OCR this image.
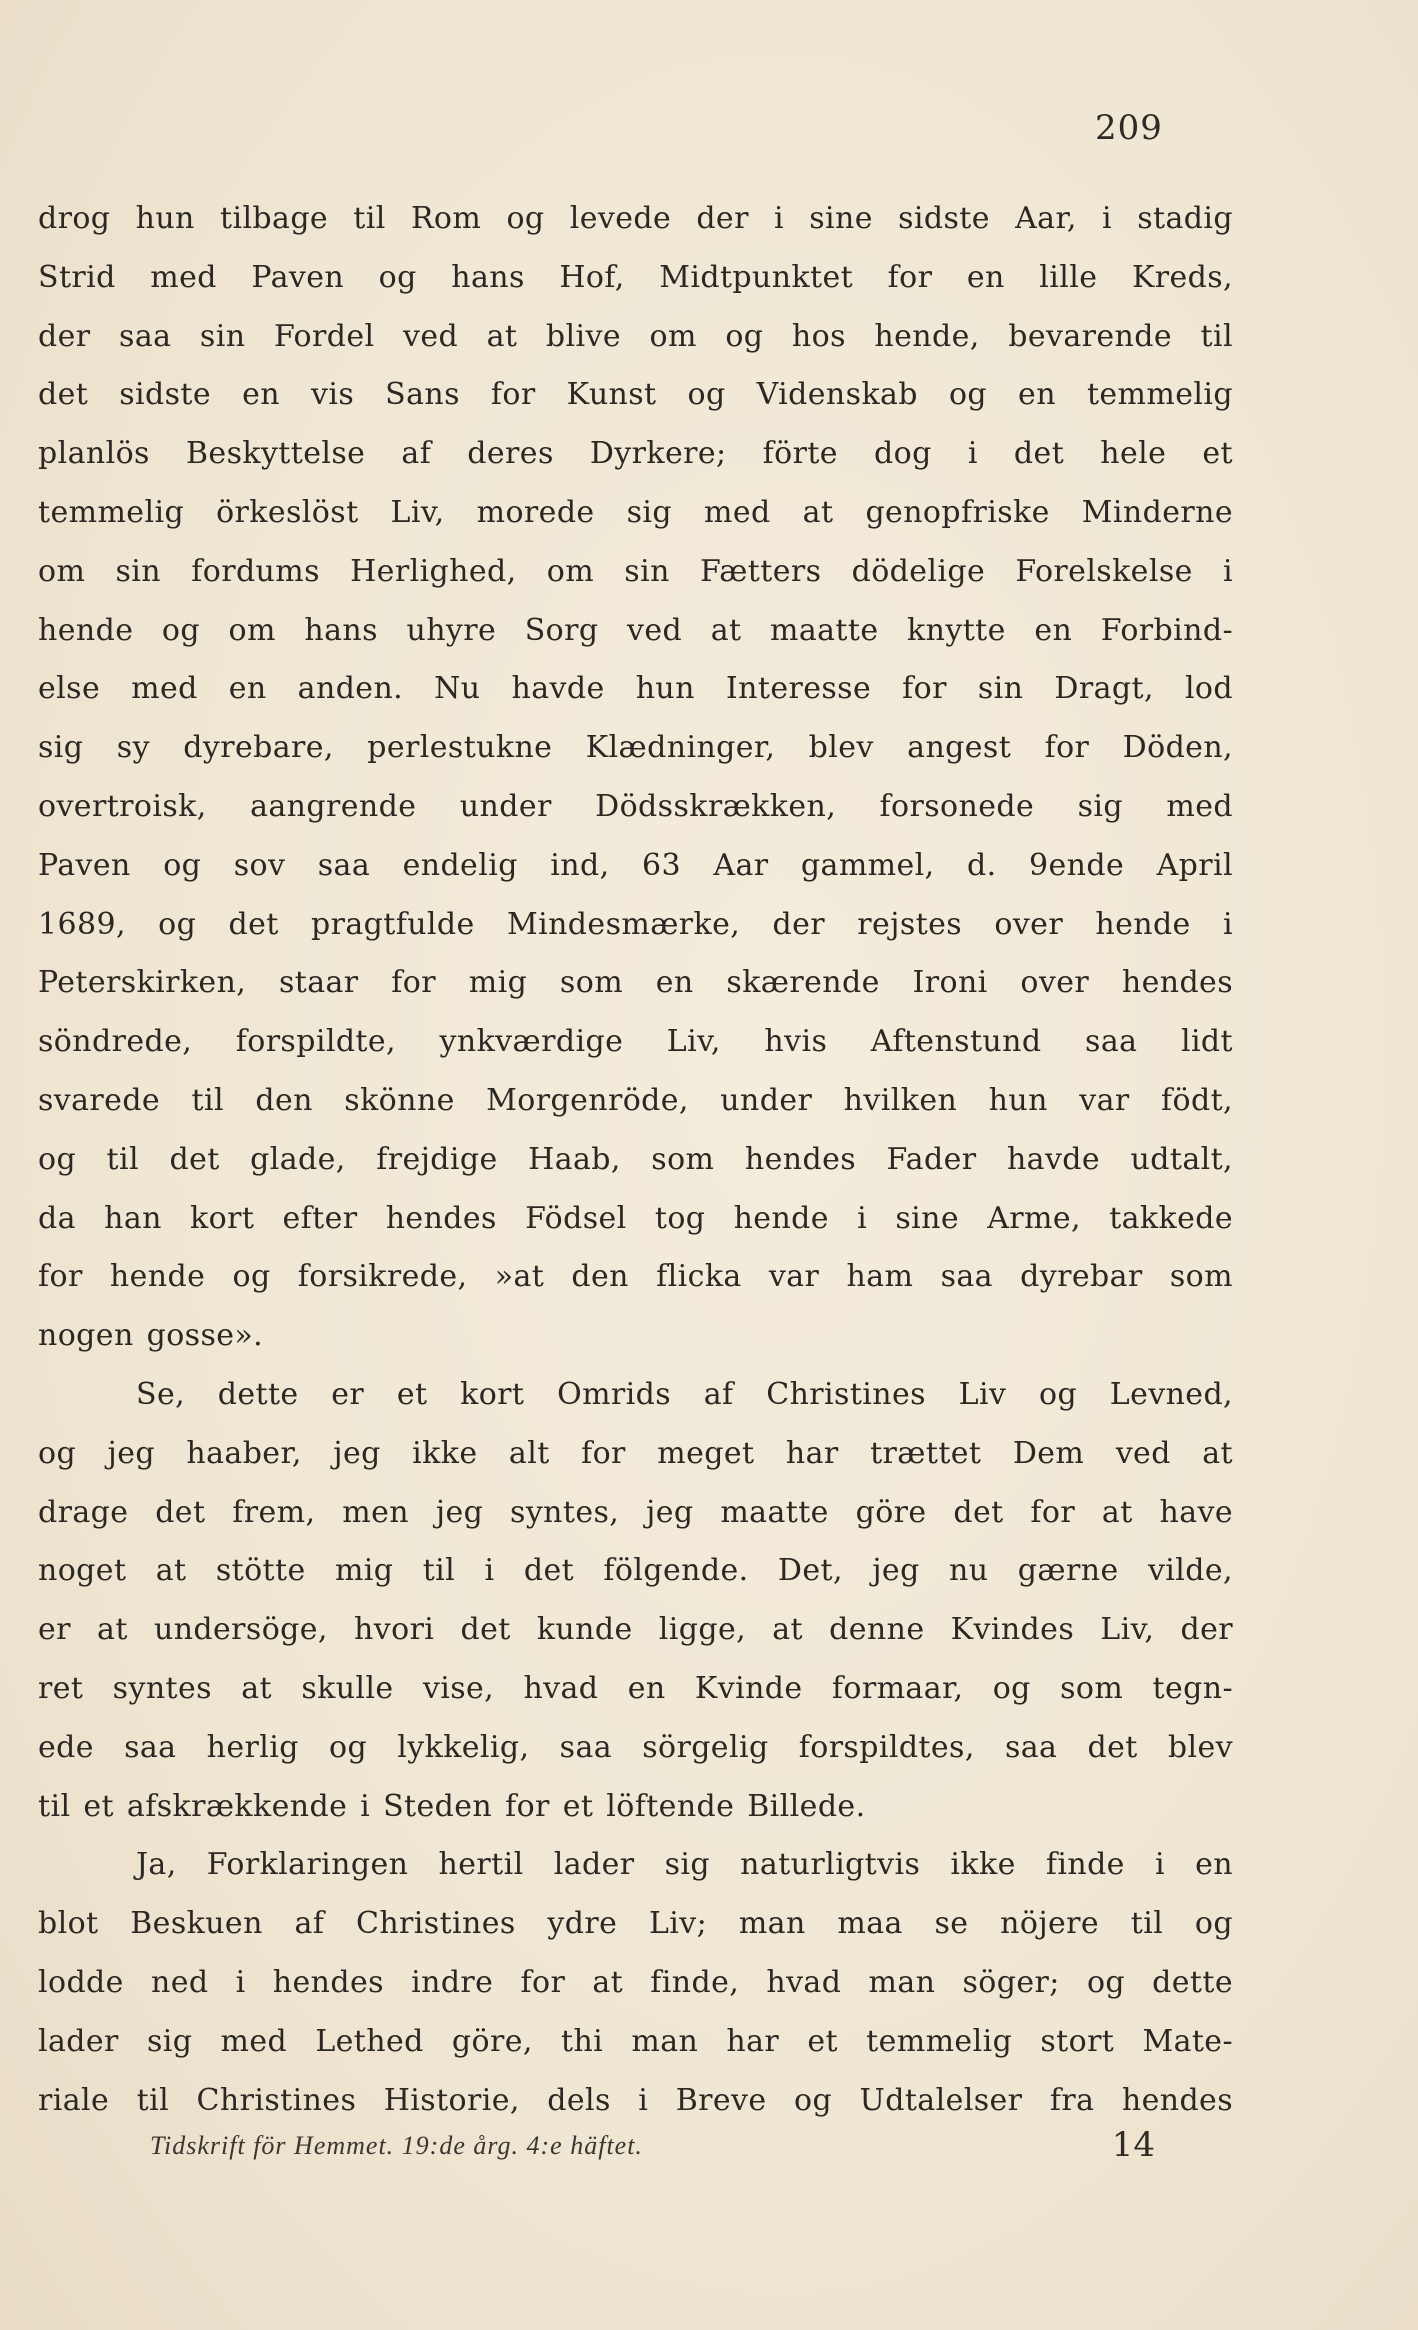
209
drog hun tilbage til Rom og levede der i sine sidste Aar, i stadig
Strid med Paven og hans Hof, Midtpunktet for en lille Kreds,
der saa sin Fordel ved at blive om og hos hende, bevarende til
det sidste en vis Sans for Kunst og Videnskab og en temmelig
planlös Beskyttelse af deres Dyrkere; förte dog i det hele et
temmelig örkeslöst Liv, morede sig med at genopfriske Minderne
om sin fordums Herlighed, om sin Fætters dödelige Forelskelse i
hende og om hans uhyre Sorg ved at maatte knytte en Forbind-
else med en anden. Nu havde hun Interesse for sin Dragt, lod
sig sy dyrebare, perlestukne Klædninger, blev angest for Döden,
overtroisk, aangrende under Dödsskrækken, forsonede sig med
Paven og sov saa endelig ind, 63 Aar gammel, d. 9ende April
1689, og det pragtfulde Mindesmærke, der rejstes over hende i
Peterskirken, staar for mig som en skærende Ironi over hendes
söndrede, forspildte, ynkværdige Liv, hvis Aftenstund saa lidt
svarede til den skönne Morgenröde, under hvilken hun var födt,
og til det glade, frejdige Haab, som hendes Fader havde udtalt,
da han kort efter hendes Födsel tog hende i sine Arme, takkede
for hende og forsikrede, »at den flicka var ham saa dyrebar som
nogen gosse».
Se, dette er et kort Omrids af Christines Liv og Levned,
og jeg haaber, jeg ikke alt for meget har trættet Dem ved at
drage det frem, men jeg syntes, jeg maatte göre det for at have
noget at stötte mig til i det fölgende. Det, jeg nu gærne vilde,
er at undersöge, hvori det kunde ligge, at denne Kvindes Liv, der
ret syntes at skulle vise, hvad en Kvinde formaar, og som tegn-
ede saa herlig og lykkelig, saa sörgelig forspildtes, saa det blev
til et afskrækkende i Steden for et löftende Billede.
Ja, Forklaringen hertil lader sig naturligtvis ikke finde i en
blot Beskuen af Christines ydre Liv; man maa se nöjere til og
lodde ned i hendes indre for at finde, hvad man söger; og dette
lader sig med Lethed göre, thi man har et temmelig stort Mate-
riale til Christines Historie, dels i Breve og Udtalelser fra hendes
Tidskrift för Hemmet. 19:de årg. 4:e häftet.	14
